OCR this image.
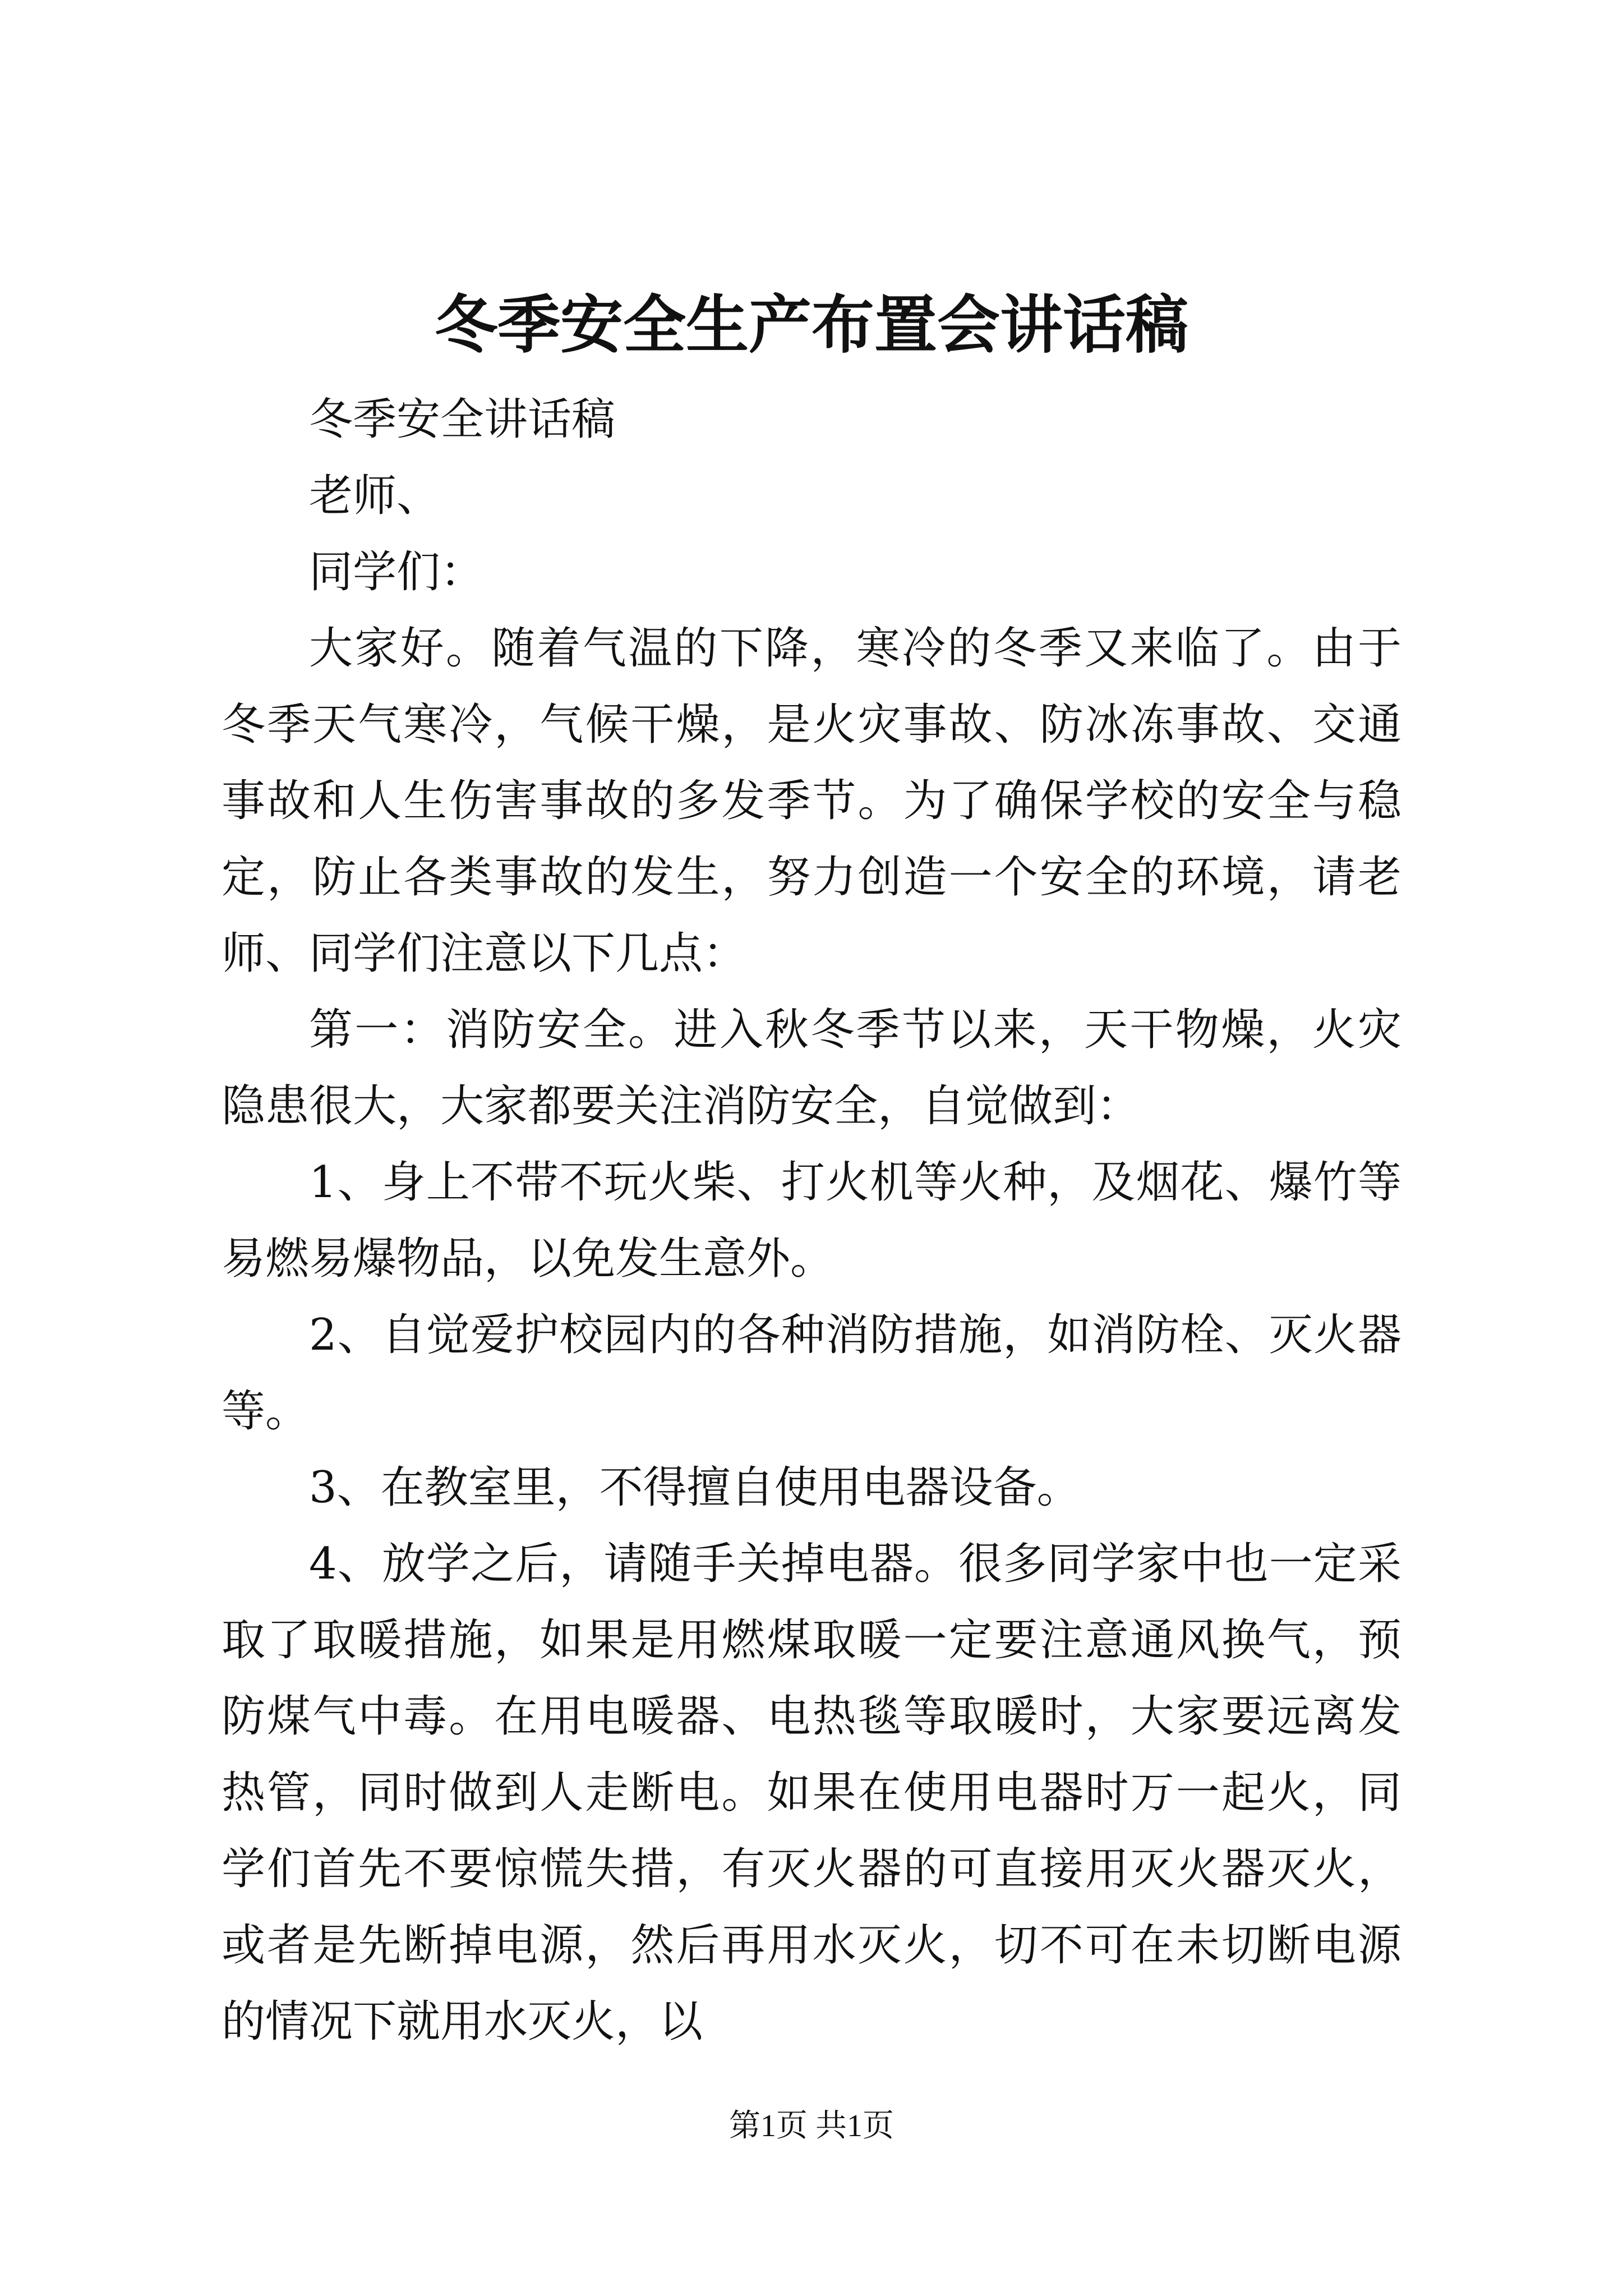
冬季安全生产布置会讲话稿

冬季安全讲话稿

老师、

同学们：

大家好。随着气温的下降，寒冷的冬季又来临了。由于冬季天气寒冷，气候干燥，是火灾事故、防冰冻事故、交通事故和人生伤害事故的多发季节。为了确保学校的安全与稳定，防止各类事故的发生，努力创造一个安全的环境，请老师、同学们注意以下几点：

第一：消防安全。进入秋冬季节以来，天干物燥，火灾隐患很大，大家都要关注消防安全，自觉做到：

1、身上不带不玩火柴、打火机等火种，及烟花、爆竹等易燃易爆物品，以免发生意外。

2、自觉爱护校园内的各种消防措施，如消防栓、灭火器等。

3、在教室里，不得擅自使用电器设备。

4、放学之后，请随手关掉电器。很多同学家中也一定采取了取暖措施，如果是用燃煤取暖一定要注意通风换气，预防煤气中毒。在用电暖器、电热毯等取暖时，大家要远离发热管，同时做到人走断电。如果在使用电器时万一起火，同学们首先不要惊慌失措，有灭火器的可直接用灭火器灭火，或者是先断掉电源，然后再用水灭火，切不可在未切断电源的情况下就用水灭火，以

第1页 共1页
